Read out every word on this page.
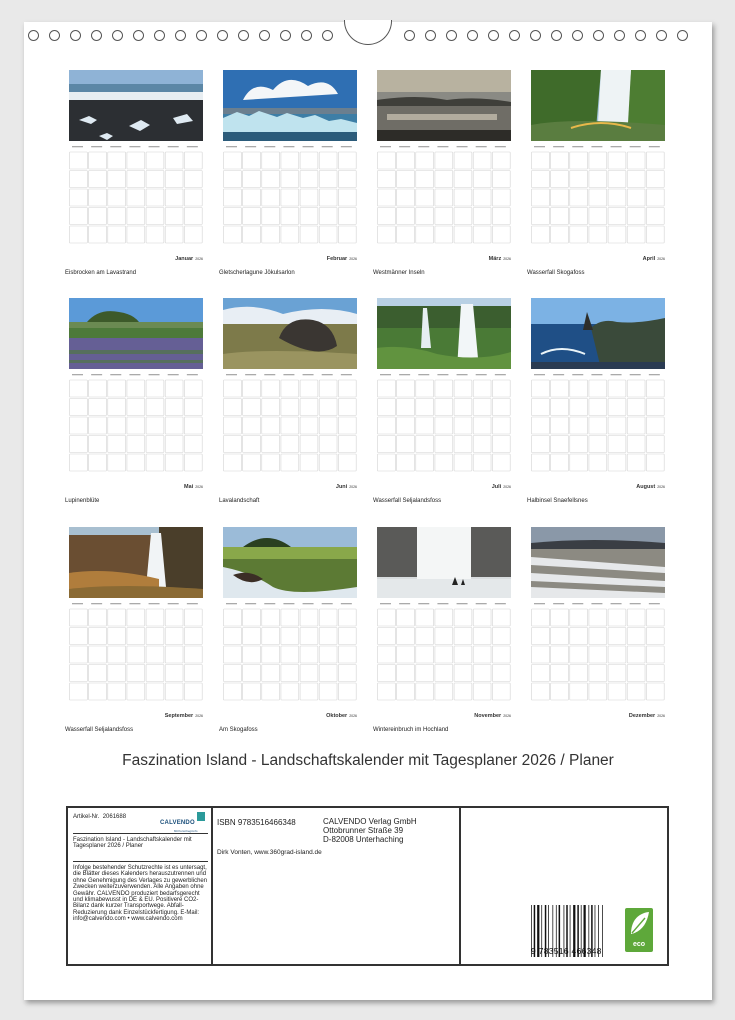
Januar 2026
Eisbrocken am Lavastrand
Februar 2026
Gletscherlagune Jökulsarlon
März 2026
Westmänner Inseln
April 2026
Wasserfall Skogafoss
Mai 2026
Lupinenblüte
Juni 2026
Lavalandschaft
Juli 2026
Wasserfall Seljalandsfoss
August 2026
Halbinsel Snaefellsnes
September 2026
Wasserfall Seljalandsfoss
Oktober 2026
Am Skogafoss
November 2026
Wintereinbruch im Hochland
Dezember 2026
Faszination Island - Landschaftskalender mit Tagesplaner 2026 / Planer
Artikel-Nr. 2061688
CALVENDO
Mit Kunst beginnt's
Faszination Island - Landschaftskalender mit Tagesplaner 2026 / Planer
Infolge bestehender Schutzrechte ist es untersagt, die Blätter dieses Kalenders herauszutrennen und ohne Genehmigung des Verlages zu gewerblichen Zwecken weiterzuverwenden. Alle Angaben ohne Gewähr. CALVENDO produziert bedarfsgerecht und klimabewusst in DE & EU. Positivere CO2-Bilanz dank kurzer Transportwege. Abfall-Reduzierung dank Einzelstückfertigung. E-Mail: info@calvendo.com • www.calvendo.com
ISBN 9783516466348	CALVENDO Verlag GmbH
Ottobrunner Straße 39
D-82008 Unterhaching
Dirk Vonten, www.360grad-island.de
9 783516 466348
eco
